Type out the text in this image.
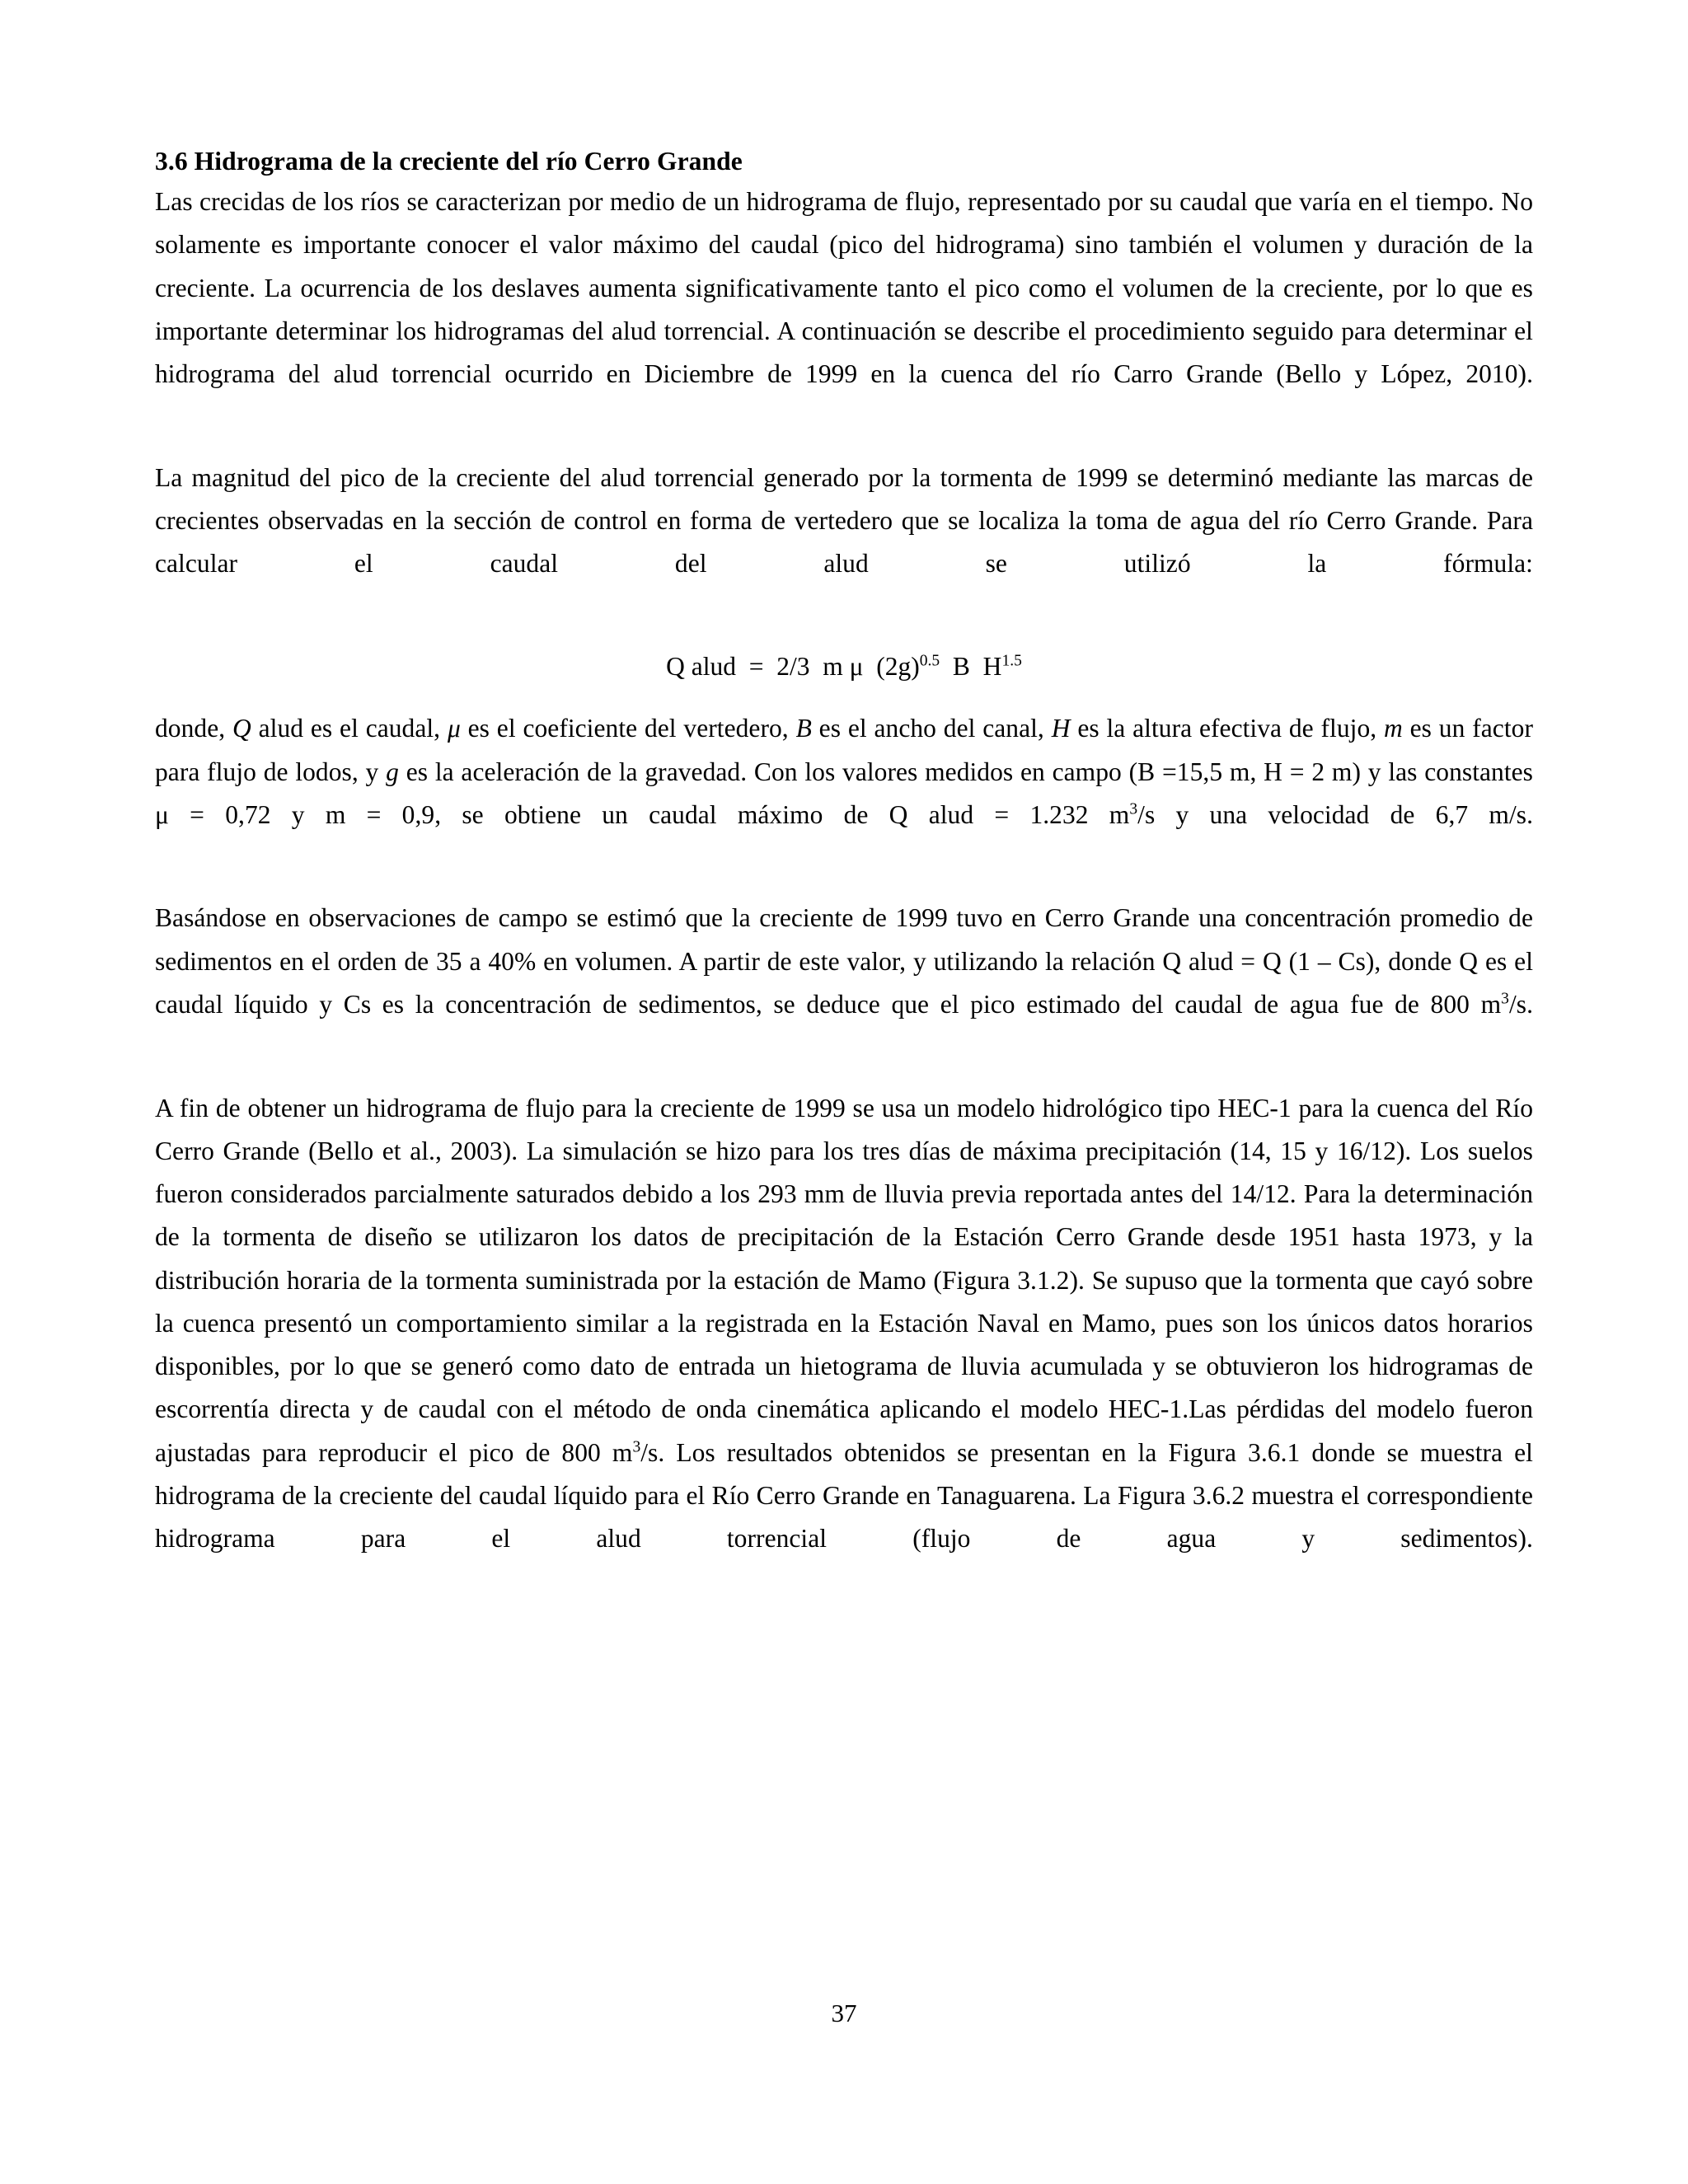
3.6 Hidrograma de la creciente del río Cerro Grande

Las crecidas de los ríos se caracterizan por medio de un hidrograma de flujo, representado por su caudal que varía en el tiempo. No solamente es importante conocer el valor máximo del caudal (pico del hidrograma) sino también el volumen y duración de la creciente. La ocurrencia de los deslaves aumenta significativamente tanto el pico como el volumen de la creciente, por lo que es importante determinar los hidrogramas del alud torrencial. A continuación se describe el procedimiento seguido para determinar el hidrograma del alud torrencial ocurrido en Diciembre de 1999 en la cuenca del río Carro Grande (Bello y López, 2010).

La magnitud del pico de la creciente del alud torrencial generado por la tormenta de 1999 se determinó mediante las marcas de crecientes observadas en la sección de control en forma de vertedero que se localiza la toma de agua del río Cerro Grande. Para calcular el caudal del alud se utilizó la fórmula:

Q alud  =  2/3  m μ  $(2g)^{0.5}$  B  $H^{1.5}$

donde, Q alud es el caudal, μ es el coeficiente del vertedero, B es el ancho del canal, H es la altura efectiva de flujo, m es un factor para flujo de lodos, y g es la aceleración de la gravedad. Con los valores medidos en campo (B =15,5 m, H = 2 m) y las constantes μ = 0,72 y m = 0,9, se obtiene un caudal máximo de Q alud = 1.232 $m^3/s$ y una velocidad de 6,7 m/s.

Basándose en observaciones de campo se estimó que la creciente de 1999 tuvo en Cerro Grande una concentración promedio de sedimentos en el orden de 35 a 40% en volumen. A partir de este valor, y utilizando la relación Q alud = Q (1 – Cs), donde Q es el caudal líquido y Cs es la concentración de sedimentos, se deduce que el pico estimado del caudal de agua fue de 800 $m^3/s$.

A fin de obtener un hidrograma de flujo para la creciente de 1999 se usa un modelo hidrológico tipo HEC-1 para la cuenca del Río Cerro Grande (Bello et al., 2003). La simulación se hizo para los tres días de máxima precipitación (14, 15 y 16/12). Los suelos fueron considerados parcialmente saturados debido a los 293 mm de lluvia previa reportada antes del 14/12. Para la determinación de la tormenta de diseño se utilizaron los datos de precipitación de la Estación Cerro Grande desde 1951 hasta 1973, y la distribución horaria de la tormenta suministrada por la estación de Mamo (Figura 3.1.2). Se supuso que la tormenta que cayó sobre la cuenca presentó un comportamiento similar a la registrada en la Estación Naval en Mamo, pues son los únicos datos horarios disponibles, por lo que se generó como dato de entrada un hietograma de lluvia acumulada y se obtuvieron los hidrogramas de escorrentía directa y de caudal con el método de onda cinemática aplicando el modelo HEC-1.Las pérdidas del modelo fueron ajustadas para reproducir el pico de 800 $m^3/s$. Los resultados obtenidos se presentan en la Figura 3.6.1 donde se muestra el hidrograma de la creciente del caudal líquido para el Río Cerro Grande en Tanaguarena. La Figura 3.6.2 muestra el correspondiente hidrograma para el alud torrencial (flujo de agua y sedimentos).

37
